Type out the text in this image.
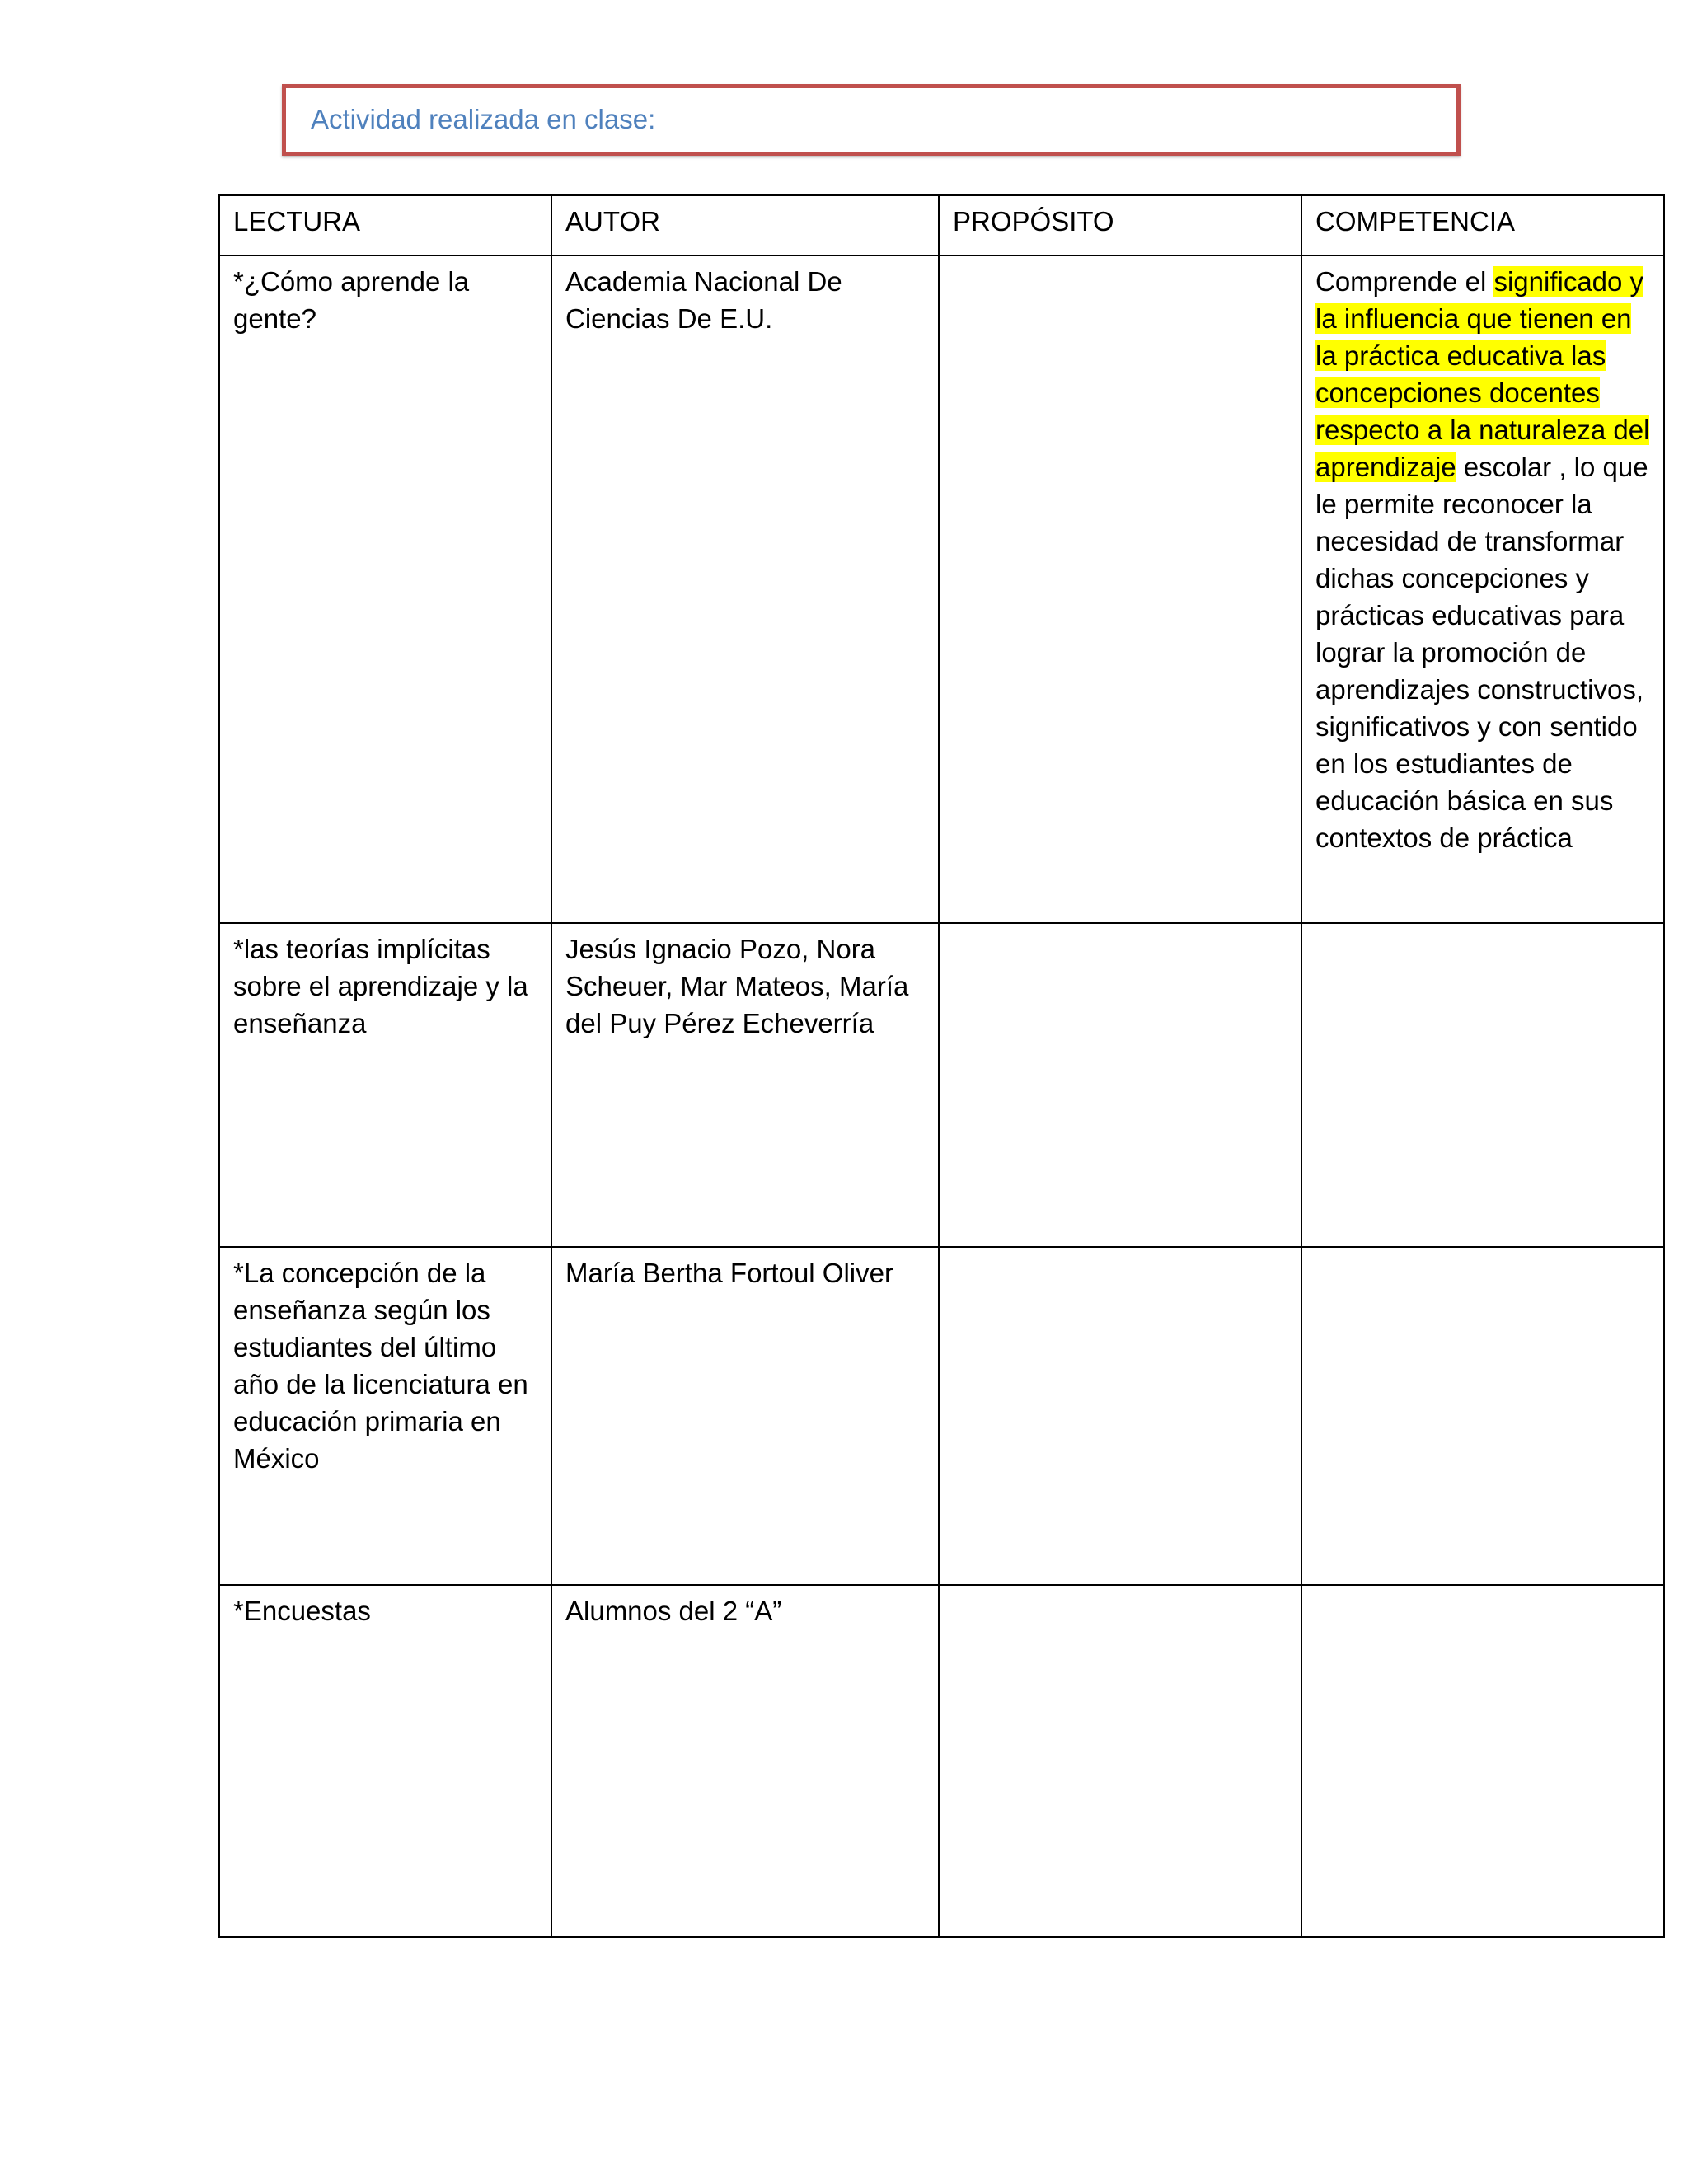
Actividad realizada en clase:
LECTURA	AUTOR	PROPÓSITO	COMPETENCIA
*¿Cómo aprende la gente?	Academia Nacional De Ciencias De E.U.		Comprende el significado y la influencia que tienen en la práctica educativa las concepciones docentes respecto a la naturaleza del aprendizaje escolar , lo que le permite reconocer la necesidad de transformar dichas concepciones y prácticas educativas para lograr la promoción de aprendizajes constructivos, significativos y con sentido en los estudiantes de educación básica en sus contextos de práctica
*las teorías implícitas sobre el aprendizaje y la enseñanza	Jesús Ignacio Pozo, Nora Scheuer, Mar Mateos, María del Puy Pérez Echeverría		
*La concepción de la enseñanza según los estudiantes del último año de la licenciatura en educación primaria en México	María Bertha Fortoul Oliver		
*Encuestas	Alumnos del 2 “A”		
